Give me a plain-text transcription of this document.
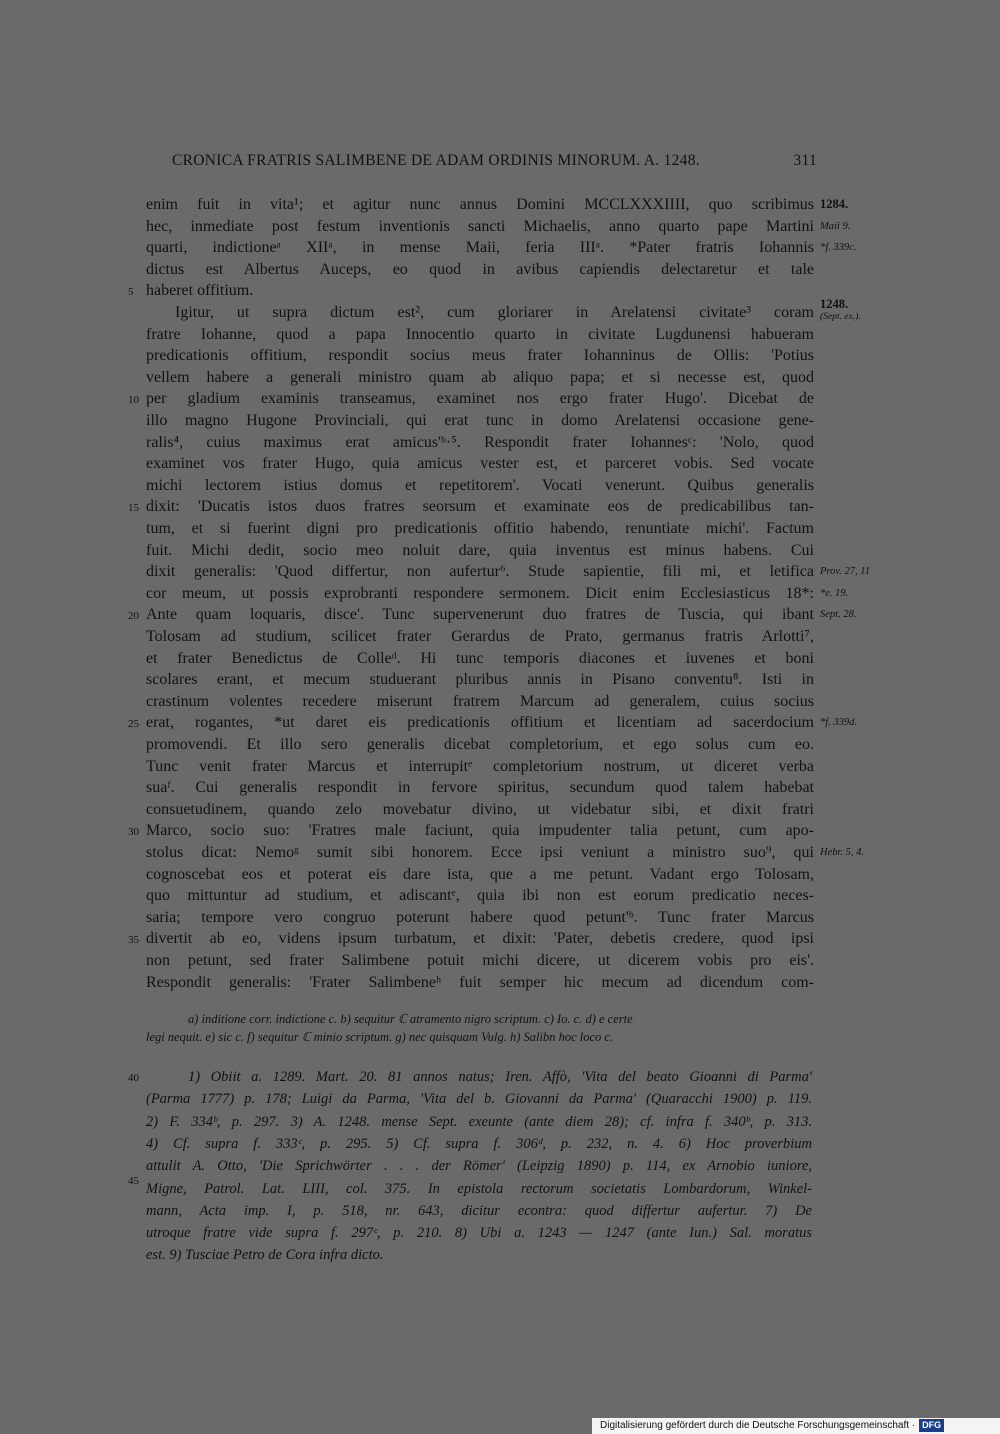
CRONICA FRATRIS SALIMBENE DE ADAM ORDINIS MINORUM. A. 1248.	311
enim fuit in vita¹; et agitur nunc annus Domini MCCLXXXIIII, quo scribimus
hec, inmediate post festum inventionis sancti Michaelis, anno quarto pape Martini
quarti, indictioneᵃ XIIᵃ, in mense Maii, feria IIIᵃ. *Pater fratris Iohannis
dictus est Albertus Auceps, eo quod in avibus capiendis delectaretur et tale
haberet offitium.
Igitur, ut supra dictum est², cum gloriarer in Arelatensi civitate³ coram
fratre Iohanne, quod a papa Innocentio quarto in civitate Lugdunensi habueram
predicationis offitium, respondit socius meus frater Iohanninus de Ollis: 'Potius
vellem habere a generali ministro quam ab aliquo papa; et si necesse est, quod
per gladium examinis transeamus, examinet nos ergo frater Hugo'. Dicebat de
illo magno Hugone Provinciali, qui erat tunc in domo Arelatensi occasione gene-
ralis⁴, cuius maximus erat amicus'ᵇ·⁵. Respondit frater Iohannesᶜ: 'Nolo, quod
examinet vos frater Hugo, quia amicus vester est, et parceret vobis. Sed vocate
michi lectorem istius domus et repetitorem'. Vocati venerunt. Quibus generalis
dixit: 'Ducatis istos duos fratres seorsum et examinate eos de predicabilibus tan-
tum, et si fuerint digni pro predicationis offitio habendo, renuntiate michi'. Factum
fuit. Michi dedit, socio meo noluit dare, quia inventus est minus habens. Cui
dixit generalis: 'Quod differtur, non aufertur⁶. Stude sapientie, fili mi, et letifica
cor meum, ut possis exprobranti respondere sermonem. Dicit enim Ecclesiasticus 18*:
Ante quam loquaris, disce'. Tunc supervenerunt duo fratres de Tuscia, qui ibant
Tolosam ad studium, scilicet frater Gerardus de Prato, germanus fratris Arlotti⁷,
et frater Benedictus de Colleᵈ. Hi tunc temporis diacones et iuvenes et boni
scolares erant, et mecum studuerant pluribus annis in Pisano conventu⁸. Isti in
crastinum volentes recedere miserunt fratrem Marcum ad generalem, cuius socius
erat, rogantes, *ut daret eis predicationis offitium et licentiam ad sacerdocium
promovendi. Et illo sero generalis dicebat completorium, et ego solus cum eo.
Tunc venit frater Marcus et interrupitᵉ completorium nostrum, ut diceret verba
suaᶠ. Cui generalis respondit in fervore spiritus, secundum quod talem habebat
consuetudinem, quando zelo movebatur divino, ut videbatur sibi, et dixit fratri
Marco, socio suo: 'Fratres male faciunt, quia impudenter talia petunt, cum apo-
stolus dicat: Nemoᵍ sumit sibi honorem. Ecce ipsi veniunt a ministro suo⁹, qui
cognoscebat eos et poterat eis dare ista, que a me petunt. Vadant ergo Tolosam,
quo mittuntur ad studium, et adiscantᵉ, quia ibi non est eorum predicatio neces-
saria; tempore vero congruo poterunt habere quod petunt'ᵇ. Tunc frater Marcus
divertit ab eo, videns ipsum turbatum, et dixit: 'Pater, debetis credere, quod ipsi
non petunt, sed frater Salimbene potuit michi dicere, ut dicerem vobis pro eis'.
Respondit generalis: 'Frater Salimbeneʰ fuit semper hic mecum ad dicendum com-
5
10
15
20
25
30
35
1284.
Maii 9.
*f. 339c.
1248.
(Sept. ex.).
Prov. 27, 11
*e. 19.
Sept. 28.
*f. 339d.
Hebr. 5, 4.
a) inditione corr. indictione c. b) sequitur ℂ atramento nigro scriptum. c) Io. c. d) e certe
legi nequit. e) sic c. f) sequitur ℂ minio scriptum. g) nec quisquam Vulg. h) Salibn hoc loco c.
40
45
1) Obiit a. 1289. Mart. 20. 81 annos natus; Iren. Affò, 'Vita del beato Gioanni di Parma'
(Parma 1777) p. 178; Luigi da Parma, 'Vita del b. Giovanni da Parma' (Quaracchi 1900) p. 119.
2) F. 334ᵇ, p. 297. 3) A. 1248. mense Sept. exeunte (ante diem 28); cf. infra f. 340ᵇ, p. 313.
4) Cf. supra f. 333ᶜ, p. 295. 5) Cf. supra f. 306ᵈ, p. 232, n. 4. 6) Hoc proverbium
attulit A. Otto, 'Die Sprichwörter . . . der Römer' (Leipzig 1890) p. 114, ex Arnobio iuniore,
Migne, Patrol. Lat. LIII, col. 375. In epistola rectorum societatis Lombardorum, Winkel-
mann, Acta imp. I, p. 518, nr. 643, dicitur econtra: quod differtur aufertur. 7) De
utroque fratre vide supra f. 297ᶜ, p. 210. 8) Ubi a. 1243 — 1247 (ante Iun.) Sal. moratus
est. 9) Tusciae Petro de Cora infra dicto.
Digitalisierung gefördert durch die Deutsche Forschungsgemeinschaft · DFG
